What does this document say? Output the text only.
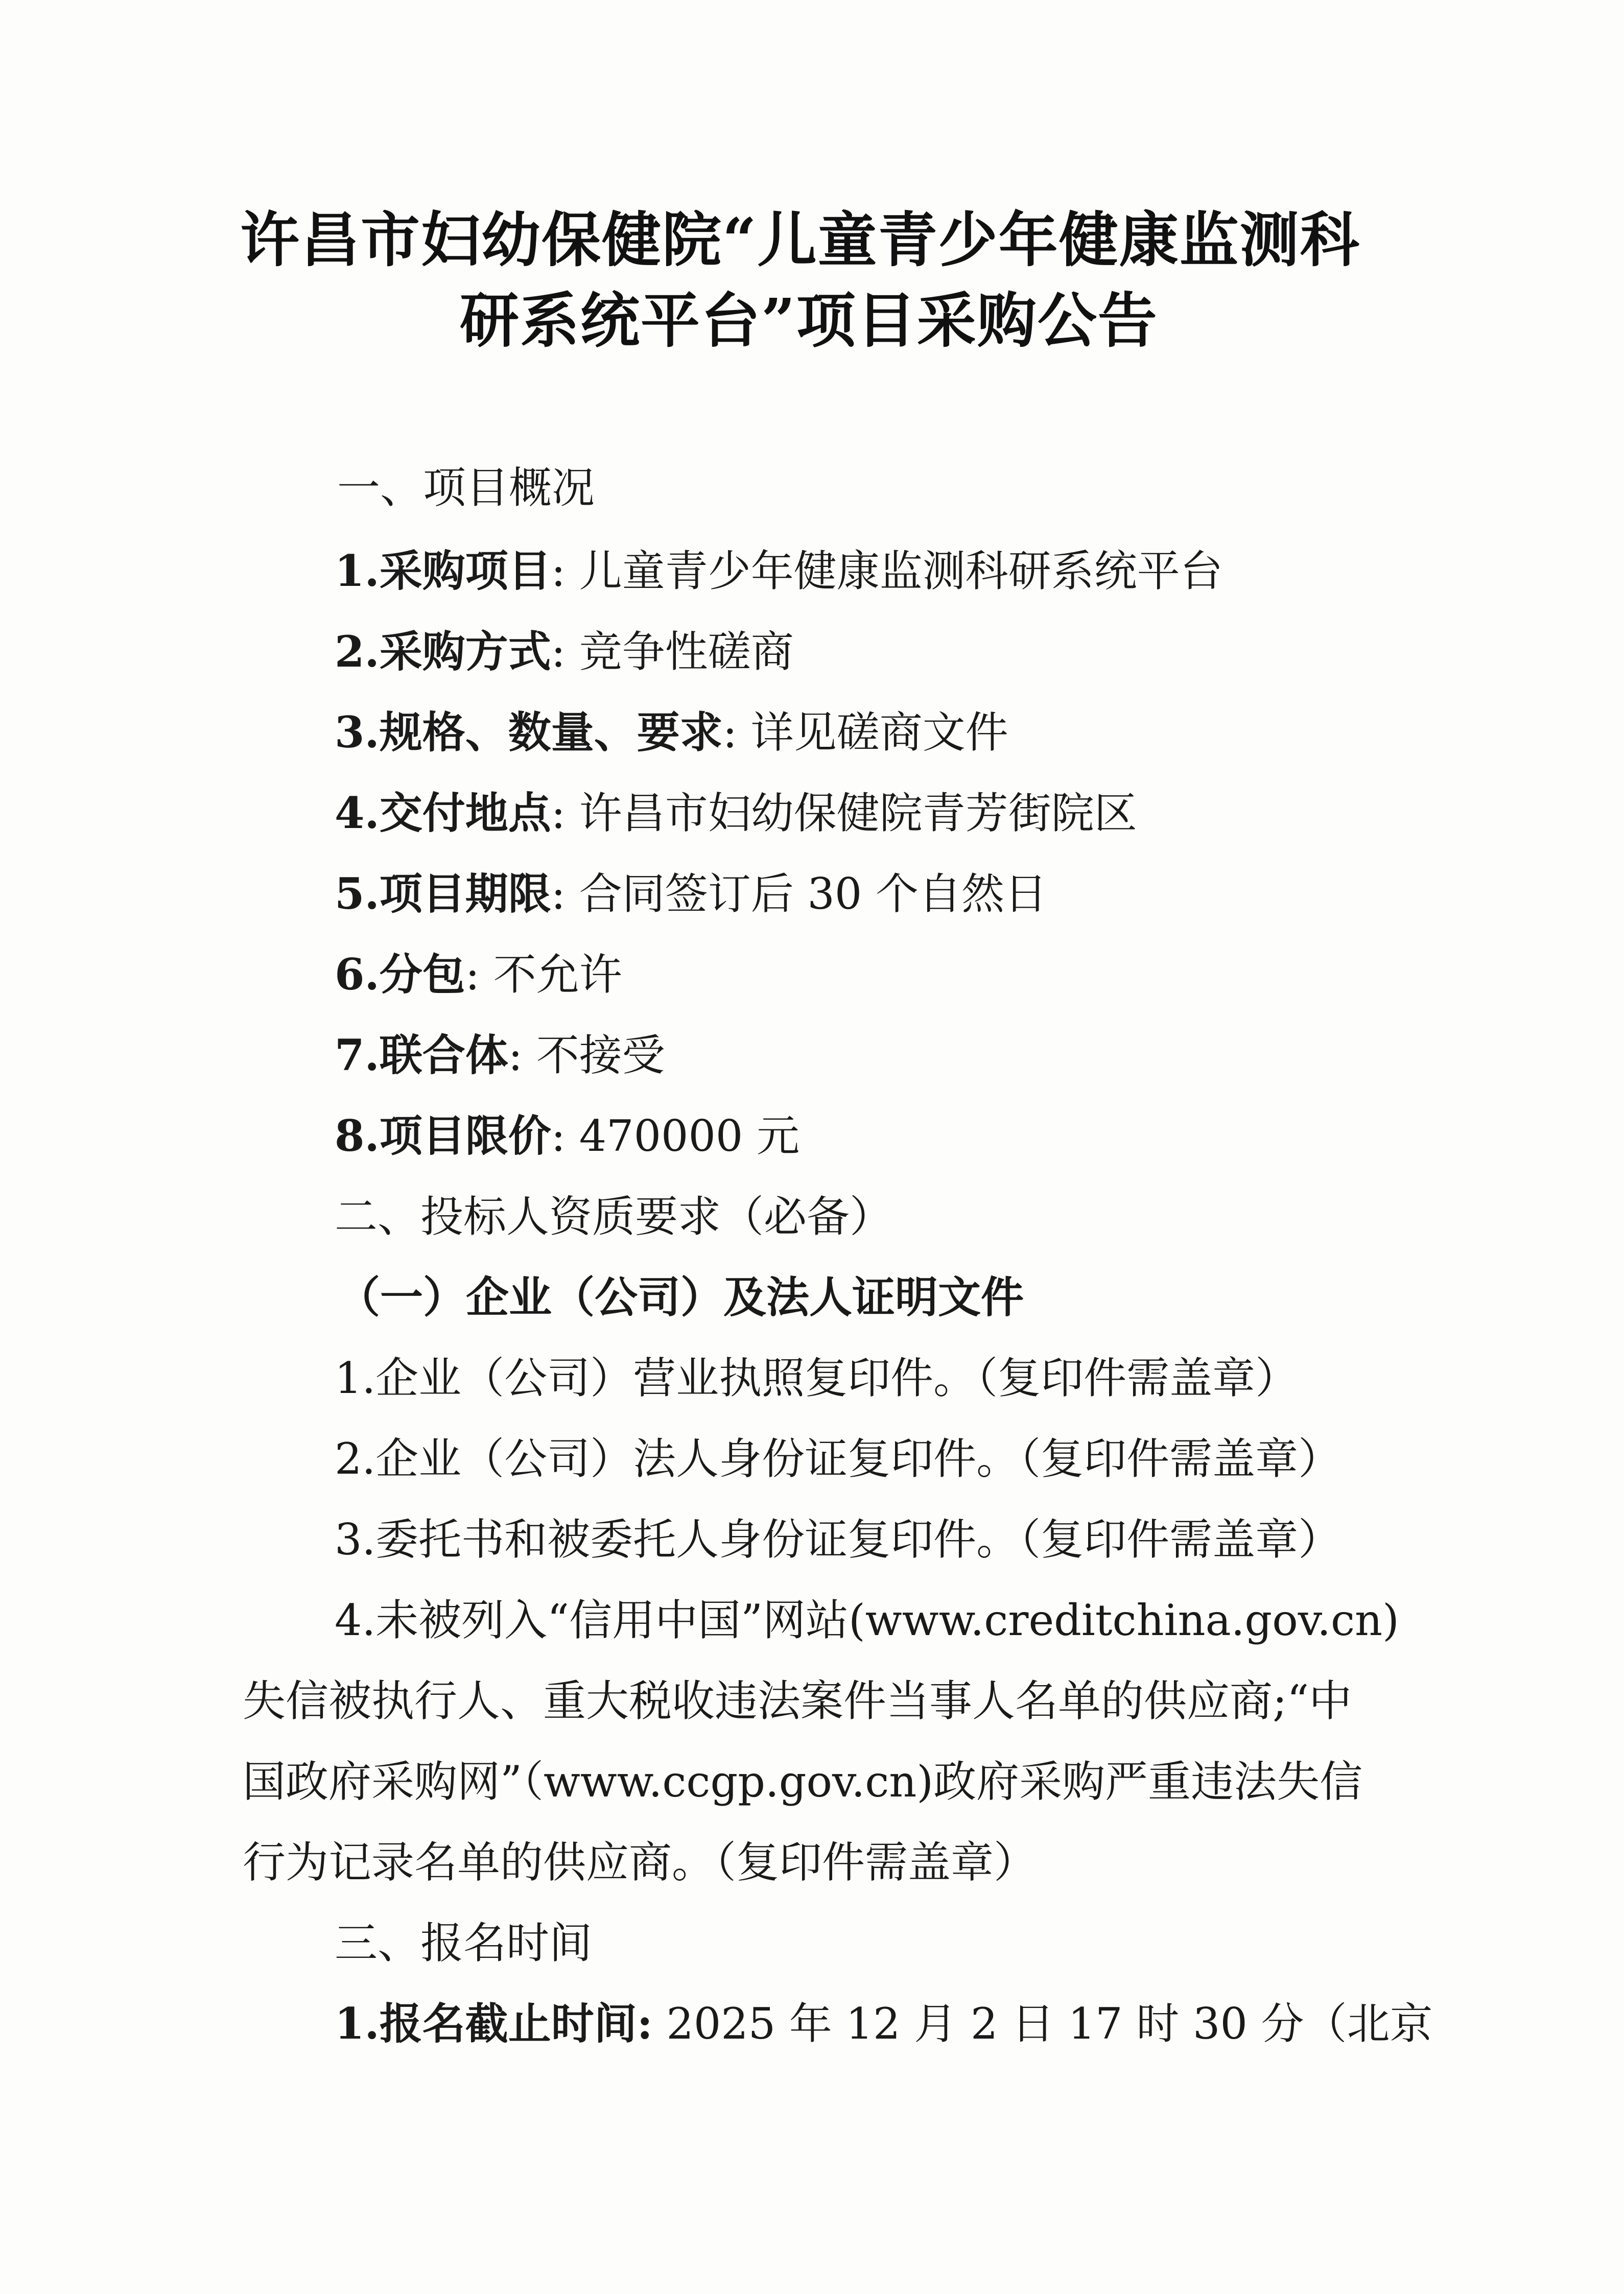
许昌市妇幼保健院“儿童青少年健康监测科
研系统平台”项目采购公告
一、项目概况
1.采购项目: 儿童青少年健康监测科研系统平台
2.采购方式: 竞争性磋商
3.规格、数量、要求: 详见磋商文件
4.交付地点: 许昌市妇幼保健院青芳街院区
5.项目期限: 合同签订后 30 个自然日
6.分包: 不允许
7.联合体: 不接受
8.项目限价: 470000 元
二、投标人资质要求（必备）
（一）企业（公司）及法人证明文件
1.企业（公司）营业执照复印件。（复印件需盖章）
2.企业（公司）法人身份证复印件。（复印件需盖章）
3.委托书和被委托人身份证复印件。（复印件需盖章）
4.未被列入“信用中国”网站(www.creditchina.gov.cn)
失信被执行人、重大税收违法案件当事人名单的供应商;“中
国政府采购网”（www.ccgp.gov.cn)政府采购严重违法失信
行为记录名单的供应商。（复印件需盖章）
三、报名时间
1.报名截止时间: 2025 年 12 月 2 日 17 时 30 分（北京
